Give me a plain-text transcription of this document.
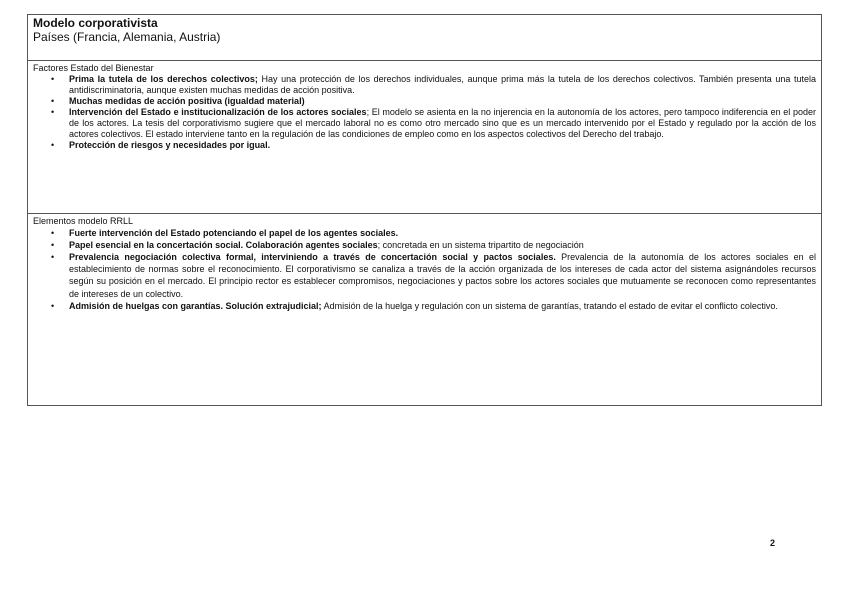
Modelo corporativista
Países (Francia, Alemania, Austria)
Factores Estado del Bienestar
• Prima la tutela de los derechos colectivos; Hay una protección de los derechos individuales, aunque prima más la tutela de los derechos colectivos. También presenta una tutela antidiscriminatoria, aunque existen muchas medidas de acción positiva.
• Muchas medidas de acción positiva (igualdad material)
• Intervención del Estado e institucionalización de los actores sociales; El modelo se asienta en la no injerencia en la autonomía de los actores, pero tampoco indiferencia en el poder de los actores. La tesis del corporativismo sugiere que el mercado laboral no es como otro mercado sino que es un mercado intervenido por el Estado y regulado por la acción de los actores colectivos. El estado interviene tanto en la regulación de las condiciones de empleo como en los aspectos colectivos del Derecho del trabajo.
• Protección de riesgos y necesidades por igual.
Elementos modelo RRLL
• Fuerte intervención del Estado potenciando el papel de los agentes sociales.
• Papel esencial en la concertación social. Colaboración agentes sociales; concretada en un sistema tripartito de negociación
• Prevalencia negociación colectiva formal, interviniendo a través de concertación social y pactos sociales. Prevalencia de la autonomía de los actores sociales en el establecimiento de normas sobre el reconocimiento. El corporativismo se canaliza a través de la acción organizada de los intereses de cada actor del sistema asignándoles recursos según su posición en el mercado. El principio rector es establecer compromisos, negociaciones y pactos sobre los actores sociales que mutuamente se reconocen como representantes de intereses de un colectivo.
• Admisión de huelgas con garantías. Solución extrajudicial; Admisión de la huelga y regulación con un sistema de garantías, tratando el estado de evitar el conflicto colectivo.
2
